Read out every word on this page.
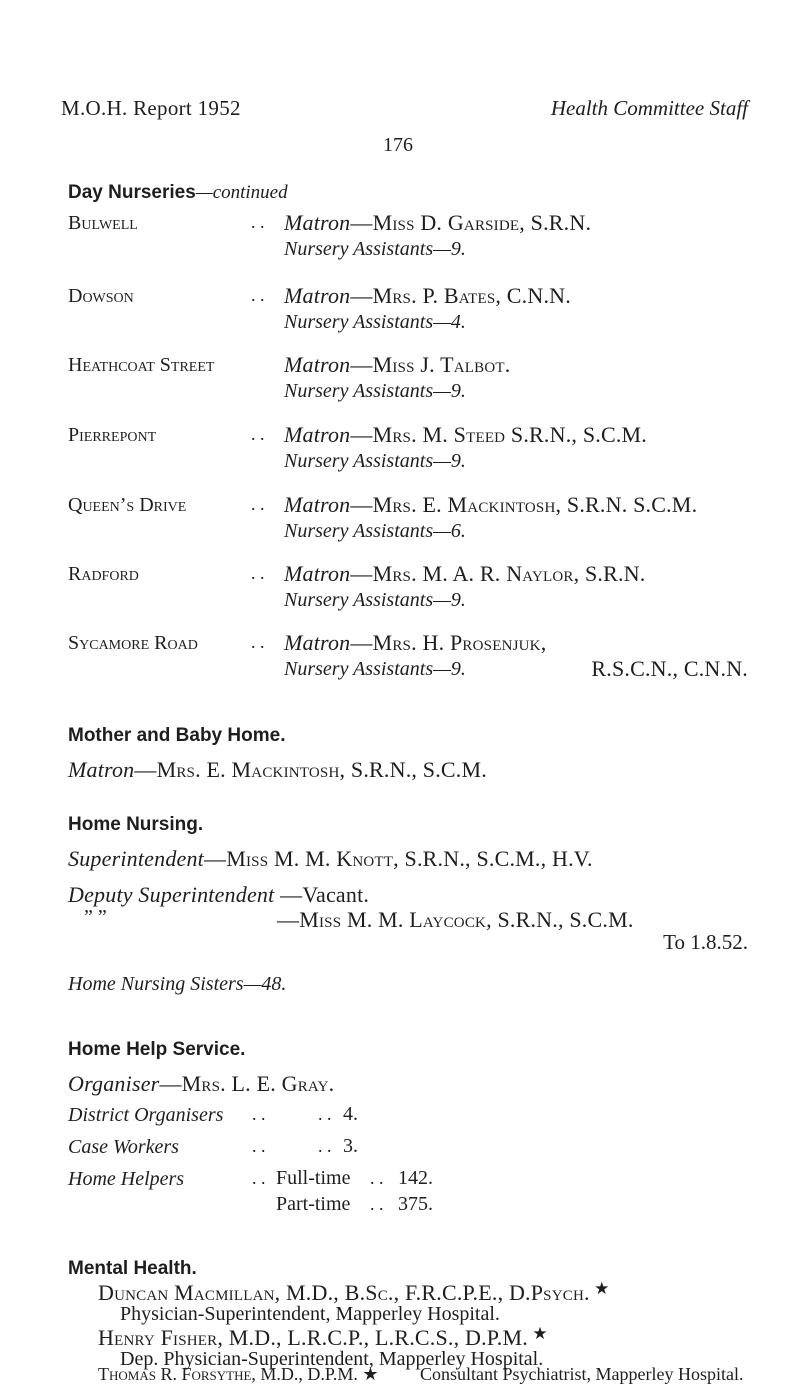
M.O.H. Report 1952	Health Committee Staff
176
Day Nurseries—continued
Bulwell	. . Matron—Miss D. Garside, S.R.N.
Nursery Assistants—9.
Dowson	. . Matron—Mrs. P. Bates, C.N.N.
Nursery Assistants—4.
Heathcoat Street	Matron—Miss J. Talbot.
Nursery Assistants—9.
Pierrepont	. . Matron—Mrs. M. Steed S.R.N., S.C.M.
Nursery Assistants—9.
Queen’s Drive	. . Matron—Mrs. E. Mackintosh, S.R.N. S.C.M.
Nursery Assistants—6.
Radford	. . Matron—Mrs. M. A. R. Naylor, S.R.N.
Nursery Assistants—9.
Sycamore Road	. . Matron—Mrs. H. Prosenjuk,
Nursery Assistants—9.	R.S.C.N., C.N.N.
Mother and Baby Home.
Matron—Mrs. E. Mackintosh, S.R.N., S.C.M.
Home Nursing.
Superintendent—Miss M. M. Knott, S.R.N., S.C.M., H.V.
Deputy Superintendent —Vacant.
” ”	—Miss M. M. Laycock, S.R.N., S.C.M.
To 1.8.52.
Home Nursing Sisters—48.
Home Help Service.
Organiser—Mrs. L. E. Gray.
District Organisers . .	. . 4.
Case Workers	. .	. . 3.
Home Helpers	. . Full-time . . 142.
Part-time . . 375.
Mental Health.
Duncan Macmillan, M.D., B.Sc., F.R.C.P.E., D.Psych. ★
Physician-Superintendent, Mapperley Hospital.
Henry Fisher, M.D., L.R.C.P., L.R.C.S., D.P.M. ★
Dep. Physician-Superintendent, Mapperley Hospital.
Thomas R. Forsythe, M.D., D.P.M. ★ Consultant Psychiatrist, Mapperley Hospital.
